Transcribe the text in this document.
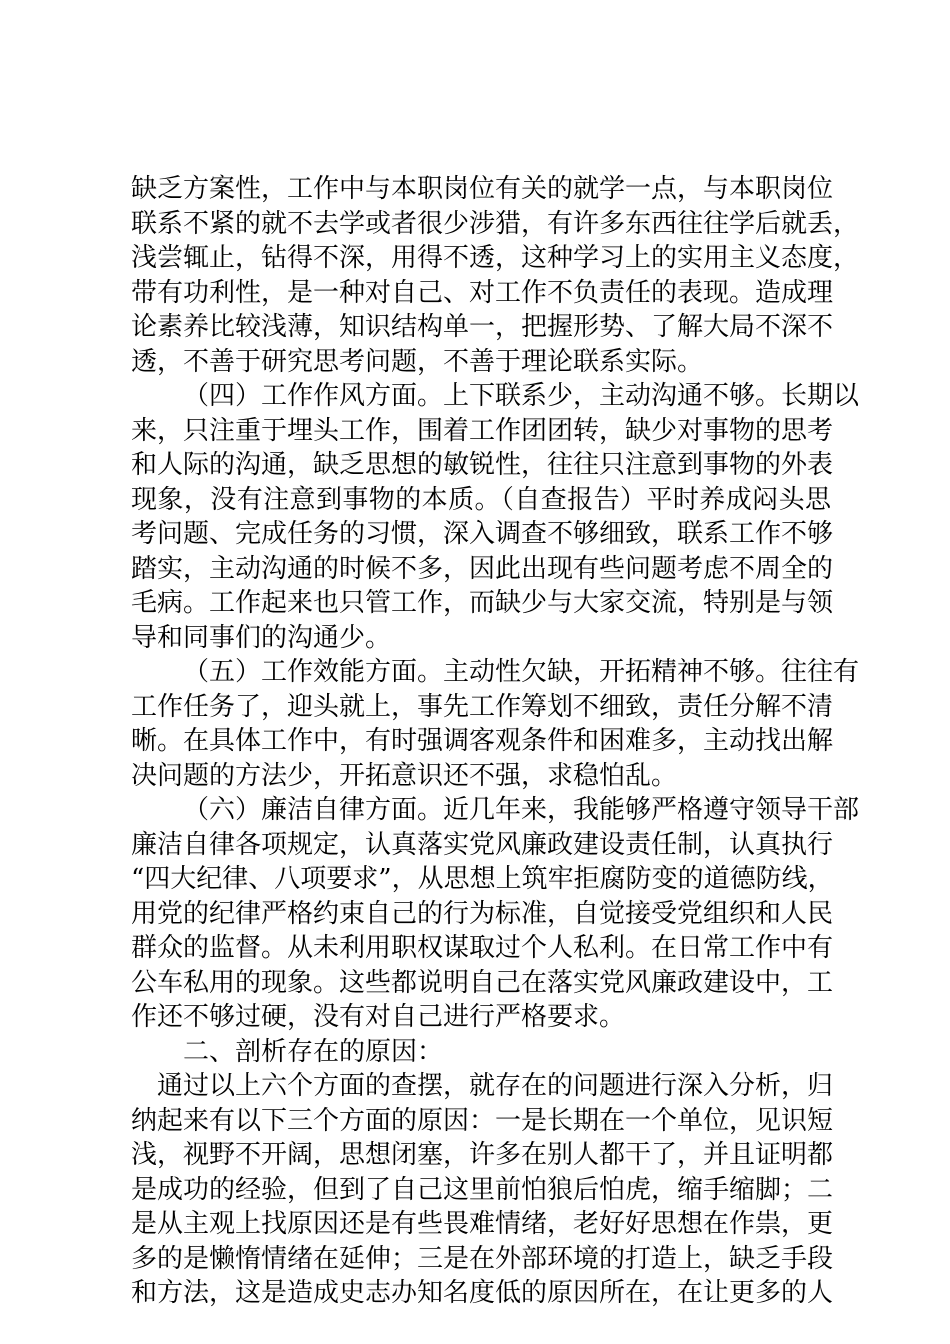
缺乏方案性，工作中与本职岗位有关的就学一点，与本职岗位
联系不紧的就不去学或者很少涉猎，有许多东西往往学后就丢，
浅尝辄止，钻得不深，用得不透，这种学习上的实用主义态度，
带有功利性，是一种对自己、对工作不负责任的表现。造成理
论素养比较浅薄，知识结构单一，把握形势、了解大局不深不
透，不善于研究思考问题，不善于理论联系实际。
（四）工作作风方面。上下联系少，主动沟通不够。长期以
来，只注重于埋头工作，围着工作团团转，缺少对事物的思考
和人际的沟通，缺乏思想的敏锐性，往往只注意到事物的外表
现象，没有注意到事物的本质。（自查报告）平时养成闷头思
考问题、完成任务的习惯，深入调查不够细致，联系工作不够
踏实，主动沟通的时候不多，因此出现有些问题考虑不周全的
毛病。工作起来也只管工作，而缺少与大家交流，特别是与领
导和同事们的沟通少。
（五）工作效能方面。主动性欠缺，开拓精神不够。往往有
工作任务了，迎头就上，事先工作筹划不细致，责任分解不清
晰。在具体工作中，有时强调客观条件和困难多，主动找出解
决问题的方法少，开拓意识还不强，求稳怕乱。
（六）廉洁自律方面。近几年来，我能够严格遵守领导干部
廉洁自律各项规定，认真落实党风廉政建设责任制，认真执行
“四大纪律、八项要求”，从思想上筑牢拒腐防变的道德防线，
用党的纪律严格约束自己的行为标准，自觉接受党组织和人民
群众的监督。从未利用职权谋取过个人私利。在日常工作中有
公车私用的现象。这些都说明自己在落实党风廉政建设中，工
作还不够过硬，没有对自己进行严格要求。
二、剖析存在的原因：
通过以上六个方面的查摆，就存在的问题进行深入分析，归
纳起来有以下三个方面的原因：一是长期在一个单位，见识短
浅，视野不开阔，思想闭塞，许多在别人都干了，并且证明都
是成功的经验，但到了自己这里前怕狼后怕虎，缩手缩脚；二
是从主观上找原因还是有些畏难情绪，老好好思想在作祟，更
多的是懒惰情绪在延伸；三是在外部环境的打造上，缺乏手段
和方法，这是造成史志办知名度低的原因所在，在让更多的人
